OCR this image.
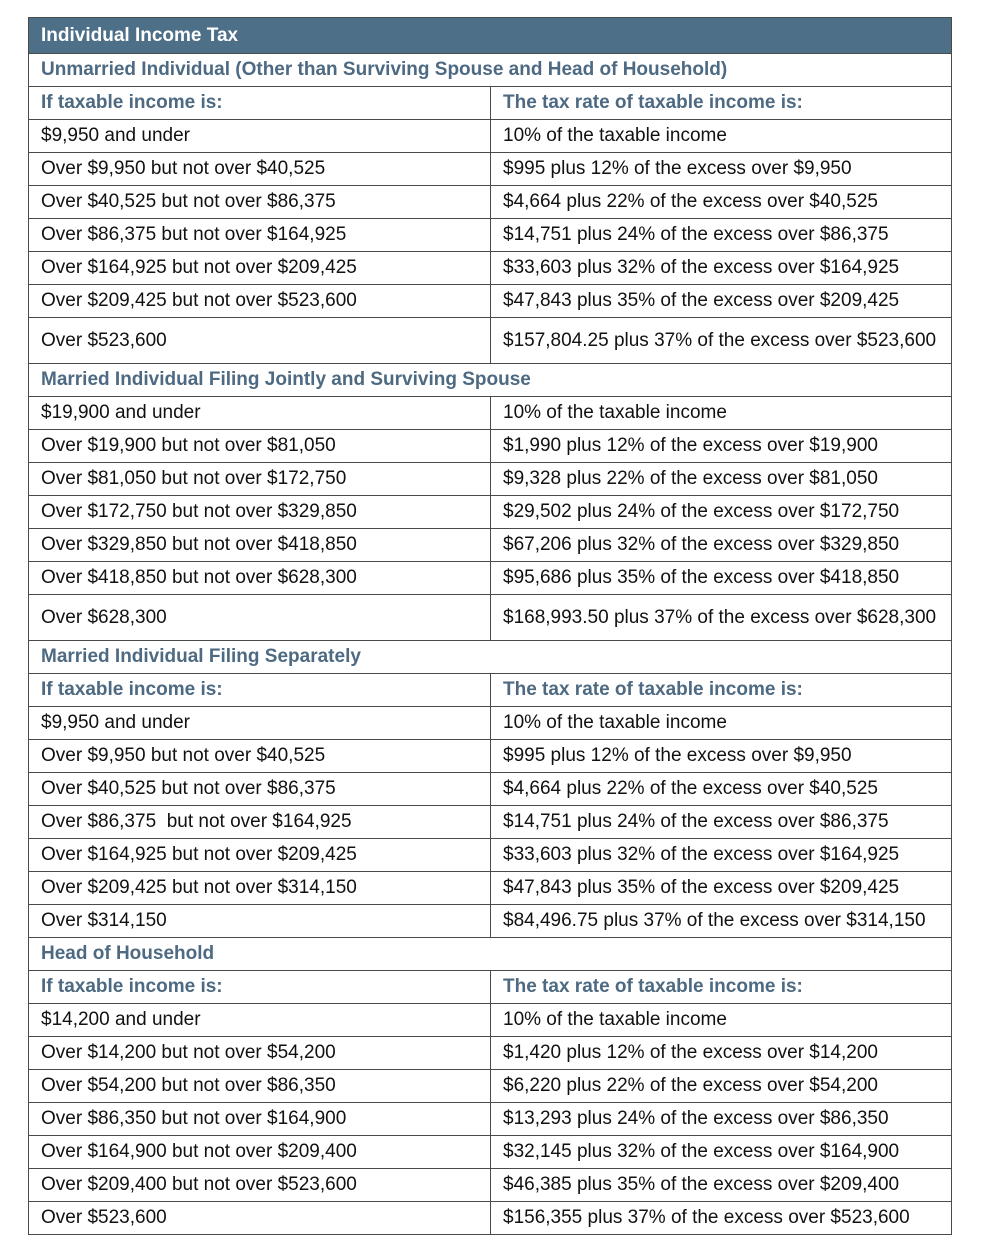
Individual Income Tax	
Unmarried Individual (Other than Surviving Spouse and Head of Household)	
If taxable income is:	The tax rate of taxable income is:
$9,950 and under	10% of the taxable income
Over $9,950 but not over $40,525	$995 plus 12% of the excess over $9,950
Over $40,525 but not over $86,375	$4,664 plus 22% of the excess over $40,525
Over $86,375 but not over $164,925	$14,751 plus 24% of the excess over $86,375
Over $164,925 but not over $209,425	$33,603 plus 32% of the excess over $164,925
Over $209,425 but not over $523,600	$47,843 plus 35% of the excess over $209,425
Over $523,600	$157,804.25 plus 37% of the excess over $523,600
Married Individual Filing Jointly and Surviving Spouse	
$19,900 and under	10% of the taxable income
Over $19,900 but not over $81,050	$1,990 plus 12% of the excess over $19,900
Over $81,050 but not over $172,750	$9,328 plus 22% of the excess over $81,050
Over $172,750 but not over $329,850	$29,502 plus 24% of the excess over $172,750
Over $329,850 but not over $418,850	$67,206 plus 32% of the excess over $329,850
Over $418,850 but not over $628,300	$95,686 plus 35% of the excess over $418,850
Over $628,300	$168,993.50 plus 37% of the excess over $628,300
Married Individual Filing Separately	
If taxable income is:	The tax rate of taxable income is:
$9,950 and under	10% of the taxable income
Over $9,950 but not over $40,525	$995 plus 12% of the excess over $9,950
Over $40,525 but not over $86,375	$4,664 plus 22% of the excess over $40,525
Over $86,375  but not over $164,925	$14,751 plus 24% of the excess over $86,375
Over $164,925 but not over $209,425	$33,603 plus 32% of the excess over $164,925
Over $209,425 but not over $314,150	$47,843 plus 35% of the excess over $209,425
Over $314,150	$84,496.75 plus 37% of the excess over $314,150
Head of Household	
If taxable income is:	The tax rate of taxable income is:
$14,200 and under	10% of the taxable income
Over $14,200 but not over $54,200	$1,420 plus 12% of the excess over $14,200
Over $54,200 but not over $86,350	$6,220 plus 22% of the excess over $54,200
Over $86,350 but not over $164,900	$13,293 plus 24% of the excess over $86,350
Over $164,900 but not over $209,400	$32,145 plus 32% of the excess over $164,900
Over $209,400 but not over $523,600	$46,385 plus 35% of the excess over $209,400
Over $523,600	$156,355 plus 37% of the excess over $523,600
